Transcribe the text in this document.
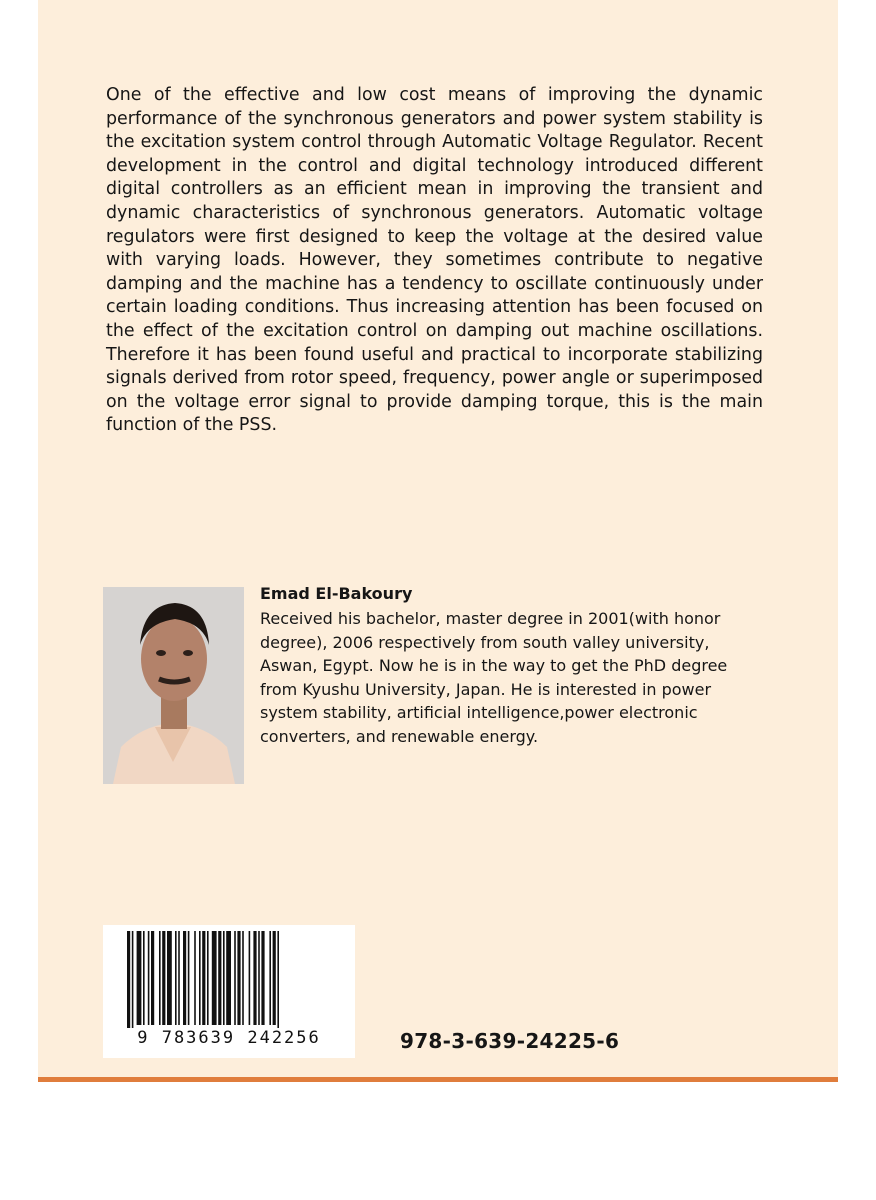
One of the effective and low cost means of improving the dynamic performance of the synchronous generators and power system stability is the excitation system control through Automatic Voltage Regulator. Recent development in the control and digital technology introduced different digital controllers as an efficient mean in improving the transient and dynamic characteristics of synchronous generators. Automatic voltage regulators were first designed to keep the voltage at the desired value with varying loads. However, they sometimes contribute to negative damping and the machine has a tendency to oscillate continuously under certain loading conditions. Thus increasing attention has been focused on the effect of the excitation control on damping out machine oscillations. Therefore it has been found useful and practical to incorporate stabilizing signals derived from rotor speed, frequency, power angle or superimposed on the voltage error signal to provide damping torque, this is the main function of the PSS.

Emad El-Bakoury

Received his bachelor, master degree in 2001(with honor degree), 2006 respectively from south valley university, Aswan, Egypt. Now he is in the way to get the PhD degree from Kyushu University, Japan. He is interested in power system stability, artificial intelligence,power electronic converters, and renewable energy.

9 783639 242256	978-3-639-24225-6
